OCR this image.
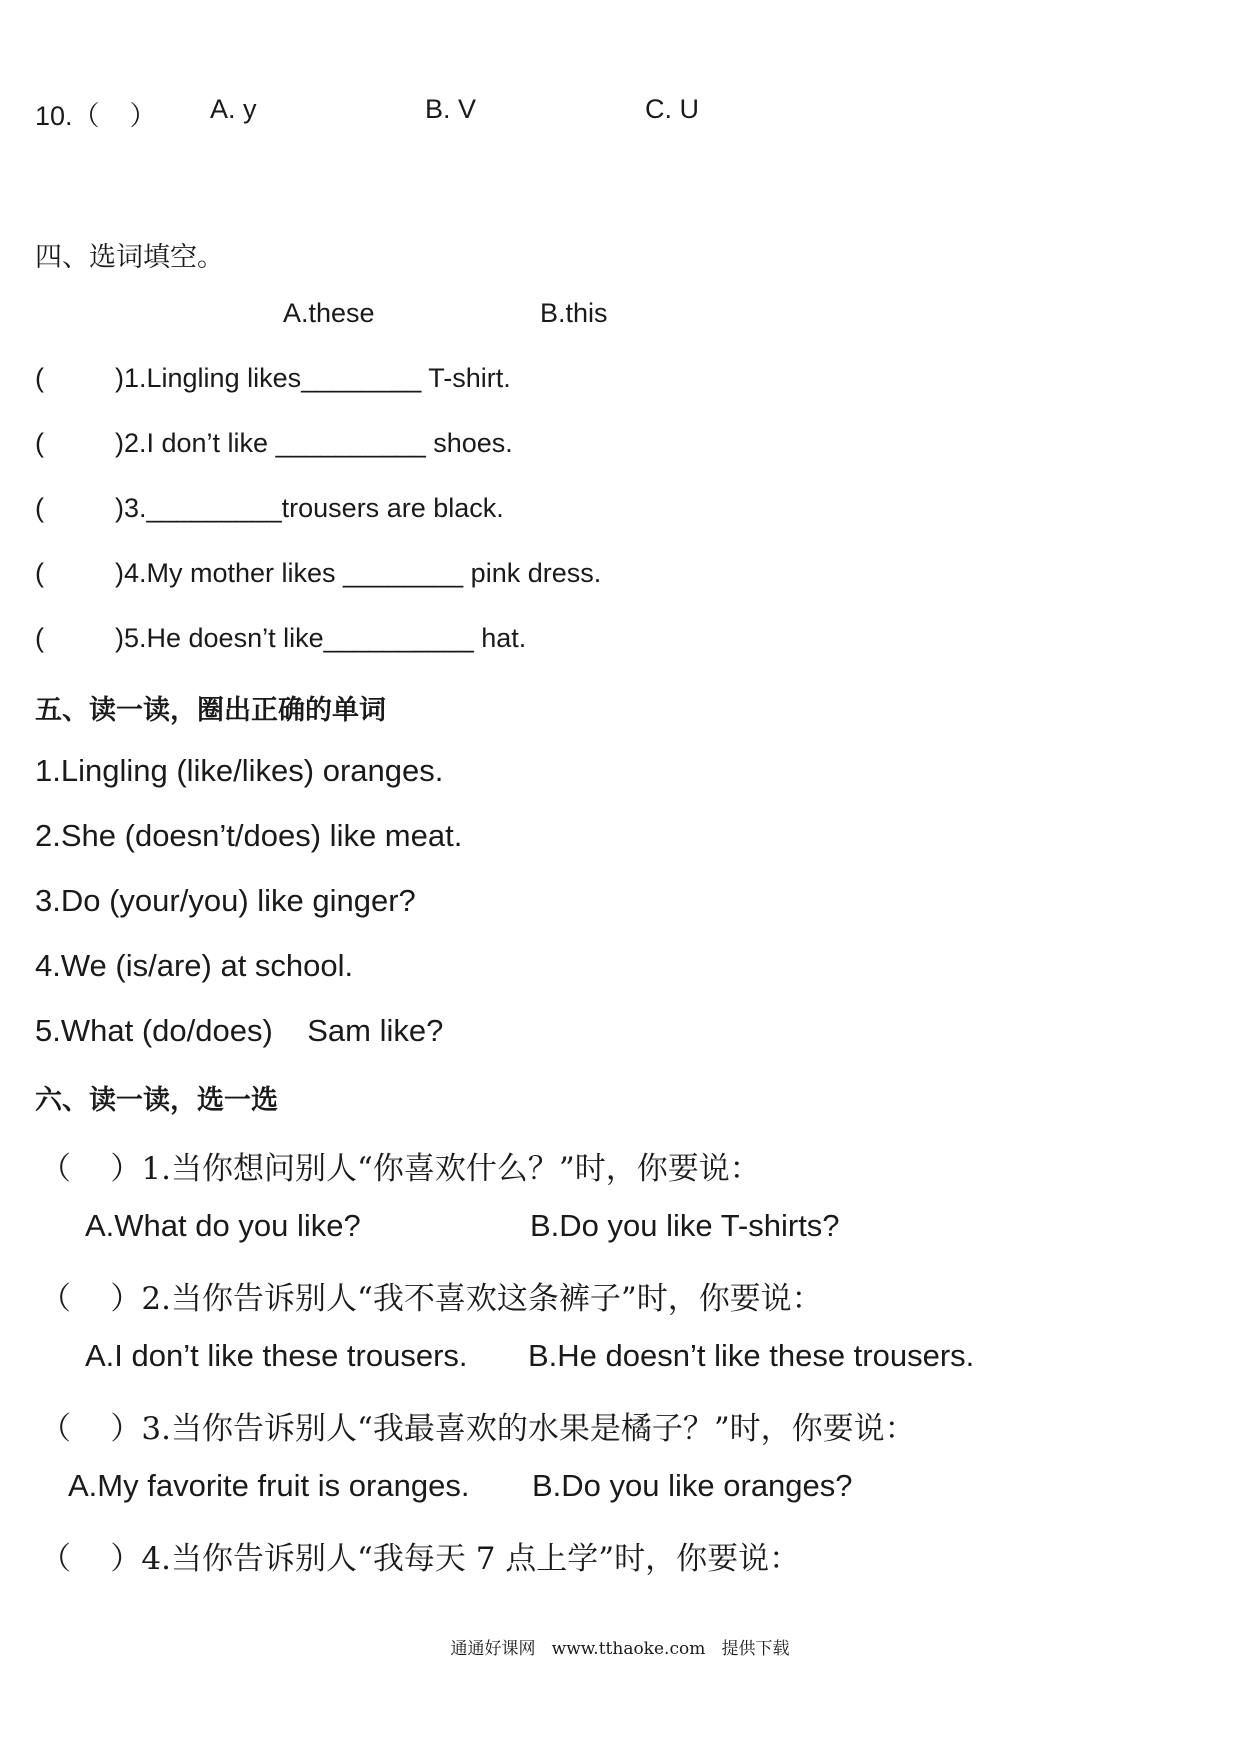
10.（    ）

A. y

	B. V

	C. U

四、选词填空。
A.these	B.this

(

	)1.Lingling likes________ T-shirt.

(

	)2.I don’t like __________ shoes.

(

	)3._________trousers are black.

(

	)4.My mother likes ________ pink dress.

(

	)5.He doesn’t like__________ hat.

五、读一读，圈出正确的单词
1.Lingling (like/likes) oranges.
2.She (doesn’t/does) like meat.
3.Do (your/you) like ginger?
4.We (is/are) at school.
5.What (do/does)    Sam like?
六、读一读，选一选
（    ）1.当你想问别人“你喜欢什么？”时，你要说：
A.What do you like?	B.Do you like T-shirts?
（    ）2.当你告诉别人“我不喜欢这条裤子”时，你要说：
A.I don’t like these trousers. B.He doesn’t like these trousers.
（    ）3.当你告诉别人“我最喜欢的水果是橘子？”时，你要说：
A.My favorite fruit is oranges. B.Do you like oranges?
（    ）4.当你告诉别人“我每天 7 点上学”时，你要说：
通通好课网   www.tthaoke.com   提供下载
